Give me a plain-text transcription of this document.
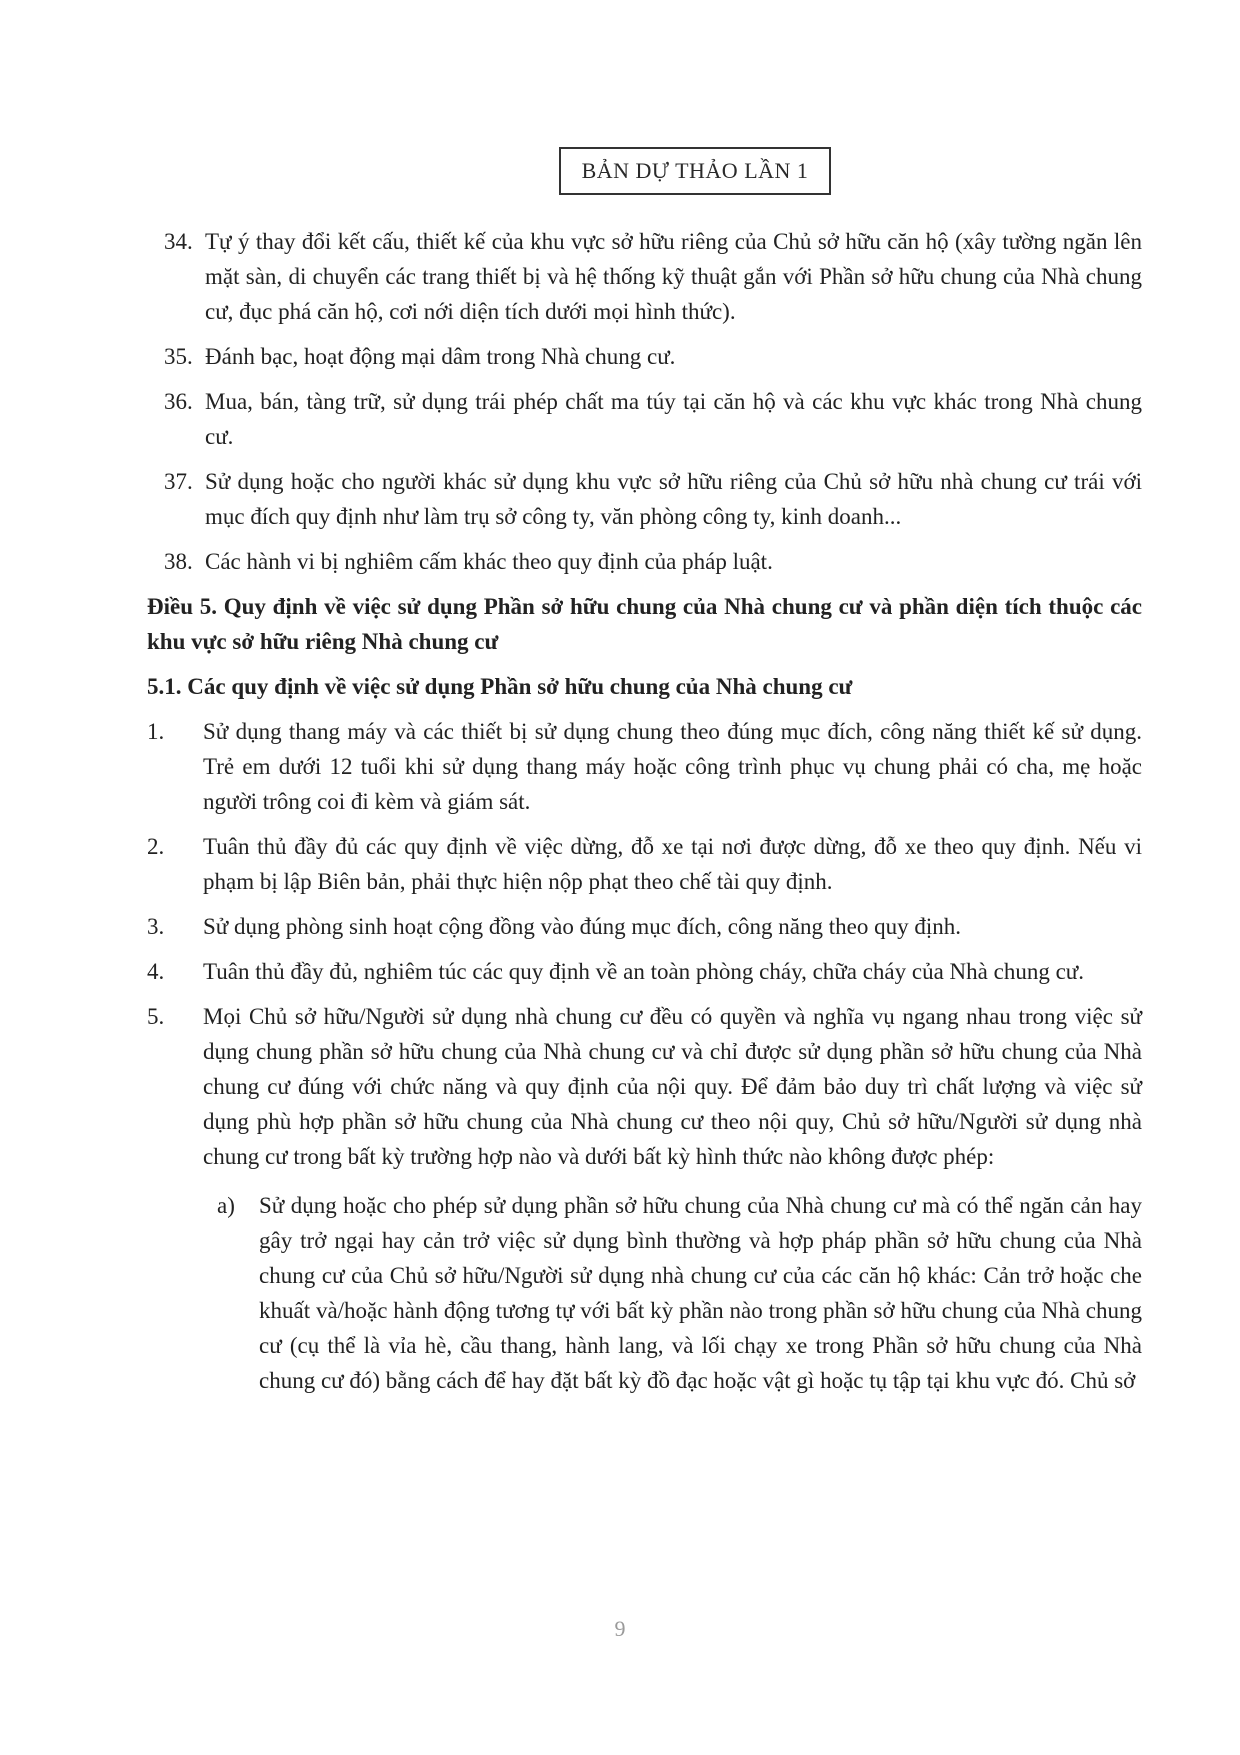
BẢN DỰ THẢO LẦN 1
34. Tự ý thay đổi kết cấu, thiết kế của khu vực sở hữu riêng của Chủ sở hữu căn hộ (xây tường ngăn lên mặt sàn, di chuyển các trang thiết bị và hệ thống kỹ thuật gắn với Phần sở hữu chung của Nhà chung cư, đục phá căn hộ, cơi nới diện tích dưới mọi hình thức).
35. Đánh bạc, hoạt động mại dâm trong Nhà chung cư.
36. Mua, bán, tàng trữ, sử dụng trái phép chất ma túy tại căn hộ và các khu vực khác trong Nhà chung cư.
37. Sử dụng hoặc cho người khác sử dụng khu vực sở hữu riêng của Chủ sở hữu nhà chung cư trái với mục đích quy định như làm trụ sở công ty, văn phòng công ty, kinh doanh...
38. Các hành vi bị nghiêm cấm khác theo quy định của pháp luật.
Điều 5. Quy định về việc sử dụng Phần sở hữu chung của Nhà chung cư và phần diện tích thuộc các khu vực sở hữu riêng Nhà chung cư
5.1. Các quy định về việc sử dụng Phần sở hữu chung của Nhà chung cư
1.	Sử dụng thang máy và các thiết bị sử dụng chung theo đúng mục đích, công năng thiết kế sử dụng. Trẻ em dưới 12 tuổi khi sử dụng thang máy hoặc công trình phục vụ chung phải có cha, mẹ hoặc người trông coi đi kèm và giám sát.
2.	Tuân thủ đầy đủ các quy định về việc dừng, đỗ xe tại nơi được dừng, đỗ xe theo quy định. Nếu vi phạm bị lập Biên bản, phải thực hiện nộp phạt theo chế tài quy định.
3.	Sử dụng phòng sinh hoạt cộng đồng vào đúng mục đích, công năng theo quy định.
4.	Tuân thủ đầy đủ, nghiêm túc các quy định về an toàn phòng cháy, chữa cháy của Nhà chung cư.
5.	Mọi Chủ sở hữu/Người sử dụng nhà chung cư đều có quyền và nghĩa vụ ngang nhau trong việc sử dụng chung phần sở hữu chung của Nhà chung cư và chỉ được sử dụng phần sở hữu chung của Nhà chung cư đúng với chức năng và quy định của nội quy. Để đảm bảo duy trì chất lượng và việc sử dụng phù hợp phần sở hữu chung của Nhà chung cư theo nội quy, Chủ sở hữu/Người sử dụng nhà chung cư trong bất kỳ trường hợp nào và dưới bất kỳ hình thức nào không được phép:
a)	Sử dụng hoặc cho phép sử dụng phần sở hữu chung của Nhà chung cư mà có thể ngăn cản hay gây trở ngại hay cản trở việc sử dụng bình thường và hợp pháp phần sở hữu chung của Nhà chung cư của Chủ sở hữu/Người sử dụng nhà chung cư của các căn hộ khác: Cản trở hoặc che khuất và/hoặc hành động tương tự với bất kỳ phần nào trong phần sở hữu chung của Nhà chung cư (cụ thể là vỉa hè, cầu thang, hành lang, và lối chạy xe trong Phần sở hữu chung của Nhà chung cư đó) bằng cách để hay đặt bất kỳ đồ đạc hoặc vật gì hoặc tụ tập tại khu vực đó. Chủ sở
9
